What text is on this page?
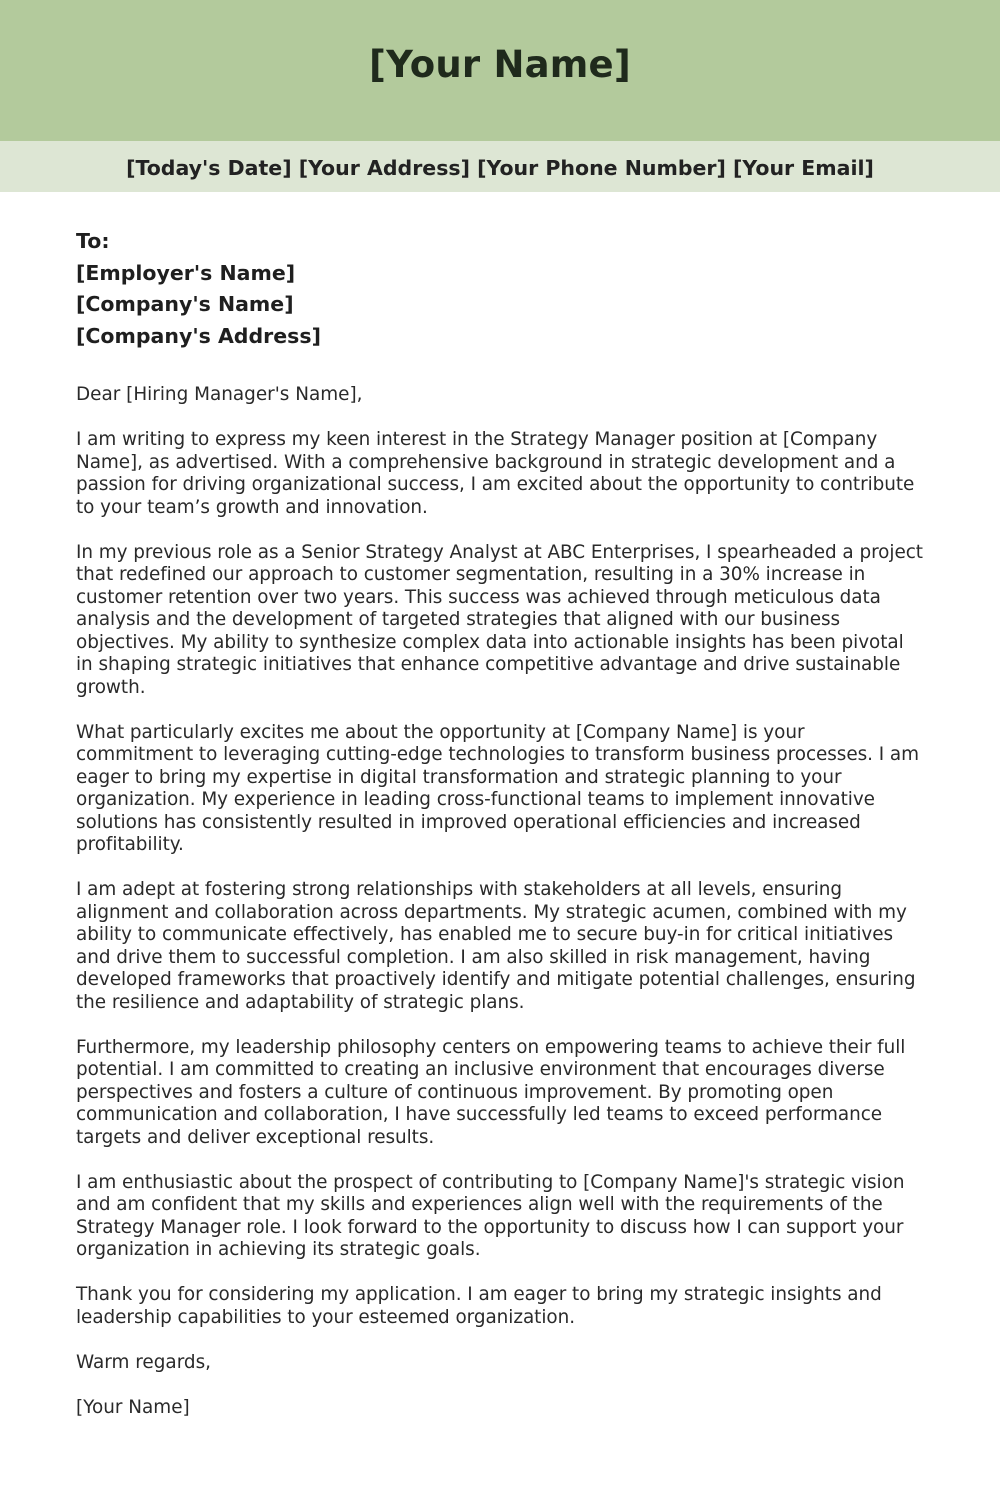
[Your Name]
[Today's Date] [Your Address] [Your Phone Number] [Your Email]
To:
[Employer's Name]
[Company's Name]
[Company's Address]

Dear [Hiring Manager's Name],

I am writing to express my keen interest in the Strategy Manager position at [Company Name], as advertised. With a comprehensive background in strategic development and a passion for driving organizational success, I am excited about the opportunity to contribute to your team’s growth and innovation.

In my previous role as a Senior Strategy Analyst at ABC Enterprises, I spearheaded a project that redefined our approach to customer segmentation, resulting in a 30% increase in customer retention over two years. This success was achieved through meticulous data analysis and the development of targeted strategies that aligned with our business objectives. My ability to synthesize complex data into actionable insights has been pivotal in shaping strategic initiatives that enhance competitive advantage and drive sustainable growth.

What particularly excites me about the opportunity at [Company Name] is your commitment to leveraging cutting-edge technologies to transform business processes. I am eager to bring my expertise in digital transformation and strategic planning to your organization. My experience in leading cross-functional teams to implement innovative solutions has consistently resulted in improved operational efficiencies and increased profitability.

I am adept at fostering strong relationships with stakeholders at all levels, ensuring alignment and collaboration across departments. My strategic acumen, combined with my ability to communicate effectively, has enabled me to secure buy-in for critical initiatives and drive them to successful completion. I am also skilled in risk management, having developed frameworks that proactively identify and mitigate potential challenges, ensuring the resilience and adaptability of strategic plans.

Furthermore, my leadership philosophy centers on empowering teams to achieve their full potential. I am committed to creating an inclusive environment that encourages diverse perspectives and fosters a culture of continuous improvement. By promoting open communication and collaboration, I have successfully led teams to exceed performance targets and deliver exceptional results.

I am enthusiastic about the prospect of contributing to [Company Name]'s strategic vision and am confident that my skills and experiences align well with the requirements of the Strategy Manager role. I look forward to the opportunity to discuss how I can support your organization in achieving its strategic goals.

Thank you for considering my application. I am eager to bring my strategic insights and leadership capabilities to your esteemed organization.

Warm regards,

[Your Name]
